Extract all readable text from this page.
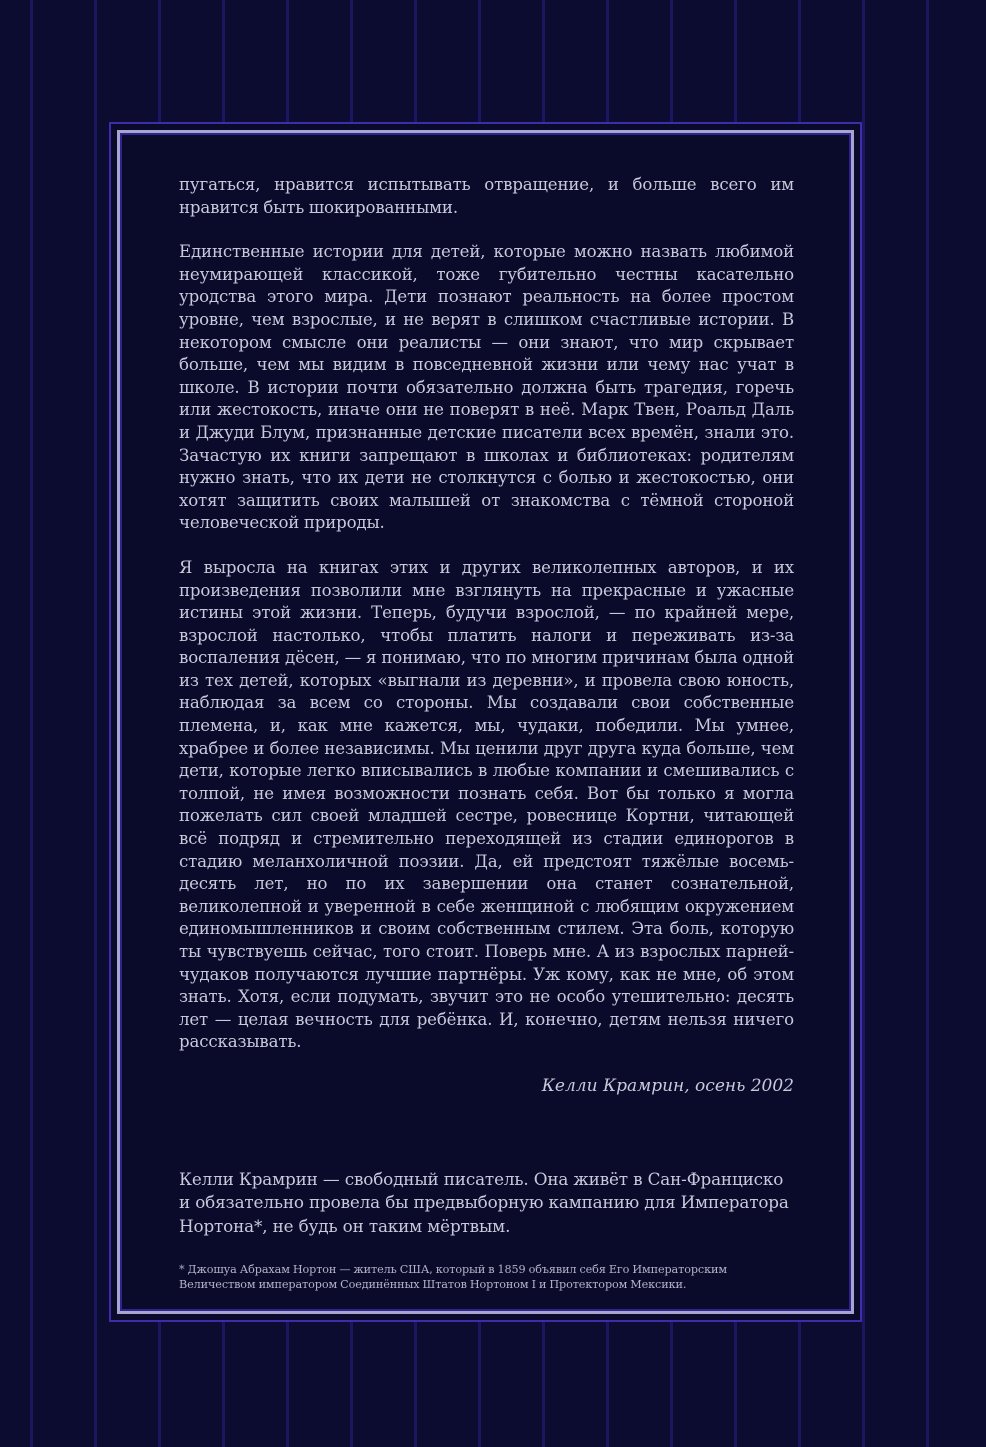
пугаться, нравится испытывать отвращение, и больше всего им нравится быть шокированными.

Единственные истории для детей, которые можно назвать любимой неумирающей классикой, тоже губительно честны касательно уродства этого мира. Дети познают реальность на более простом уровне, чем взрослые, и не верят в слишком счастливые истории. В некотором смысле они реалисты — они знают, что мир скрывает больше, чем мы видим в повседневной жизни или чему нас учат в школе. В истории почти обязательно должна быть трагедия, горечь или жестокость, иначе они не поверят в неё. Марк Твен, Роальд Даль и Джуди Блум, признанные детские писатели всех времён, знали это. Зачастую их книги запрещают в школах и библиотеках: родителям нужно знать, что их дети не столкнутся с болью и жестокостью, они хотят защитить своих малышей от знакомства с тёмной стороной человеческой природы.

Я выросла на книгах этих и других великолепных авторов, и их произведения позволили мне взглянуть на прекрасные и ужасные истины этой жизни. Теперь, будучи взрослой, — по крайней мере, взрослой настолько, чтобы платить налоги и переживать из-за воспаления дёсен, — я понимаю, что по многим причинам была одной из тех детей, которых «выгнали из деревни», и провела свою юность, наблюдая за всем со стороны. Мы создавали свои собственные племена, и, как мне кажется, мы, чудаки, победили. Мы умнее, храбрее и более независимы. Мы ценили друг друга куда больше, чем дети, которые легко вписывались в любые компании и смешивались с толпой, не имея возможности познать себя. Вот бы только я могла пожелать сил своей младшей сестре, ровеснице Кортни, читающей всё подряд и стремительно переходящей из стадии единорогов в стадию меланхоличной поэзии. Да, ей предстоят тяжёлые восемь-десять лет, но по их завершении она станет сознательной, великолепной и уверенной в себе женщиной с любящим окружением единомышленников и своим собственным стилем. Эта боль, которую ты чувствуешь сейчас, того стоит. Поверь мне. А из взрослых парней-чудаков получаются лучшие партнёры. Уж кому, как не мне, об этом знать. Хотя, если подумать, звучит это не особо утешительно: десять лет — целая вечность для ребёнка. И, конечно, детям нельзя ничего рассказывать.

Келли Крамрин, осень 2002

Келли Крамрин — свободный писатель. Она живёт в Сан-Франциско и обязательно провела бы предвыборную кампанию для Императора Нортона*, не будь он таким мёртвым.

* Джошуа Абрахам Нортон — житель США, который в 1859 объявил себя Его Императорским Величеством императором Соединённых Штатов Нортоном I и Протектором Мексики.
